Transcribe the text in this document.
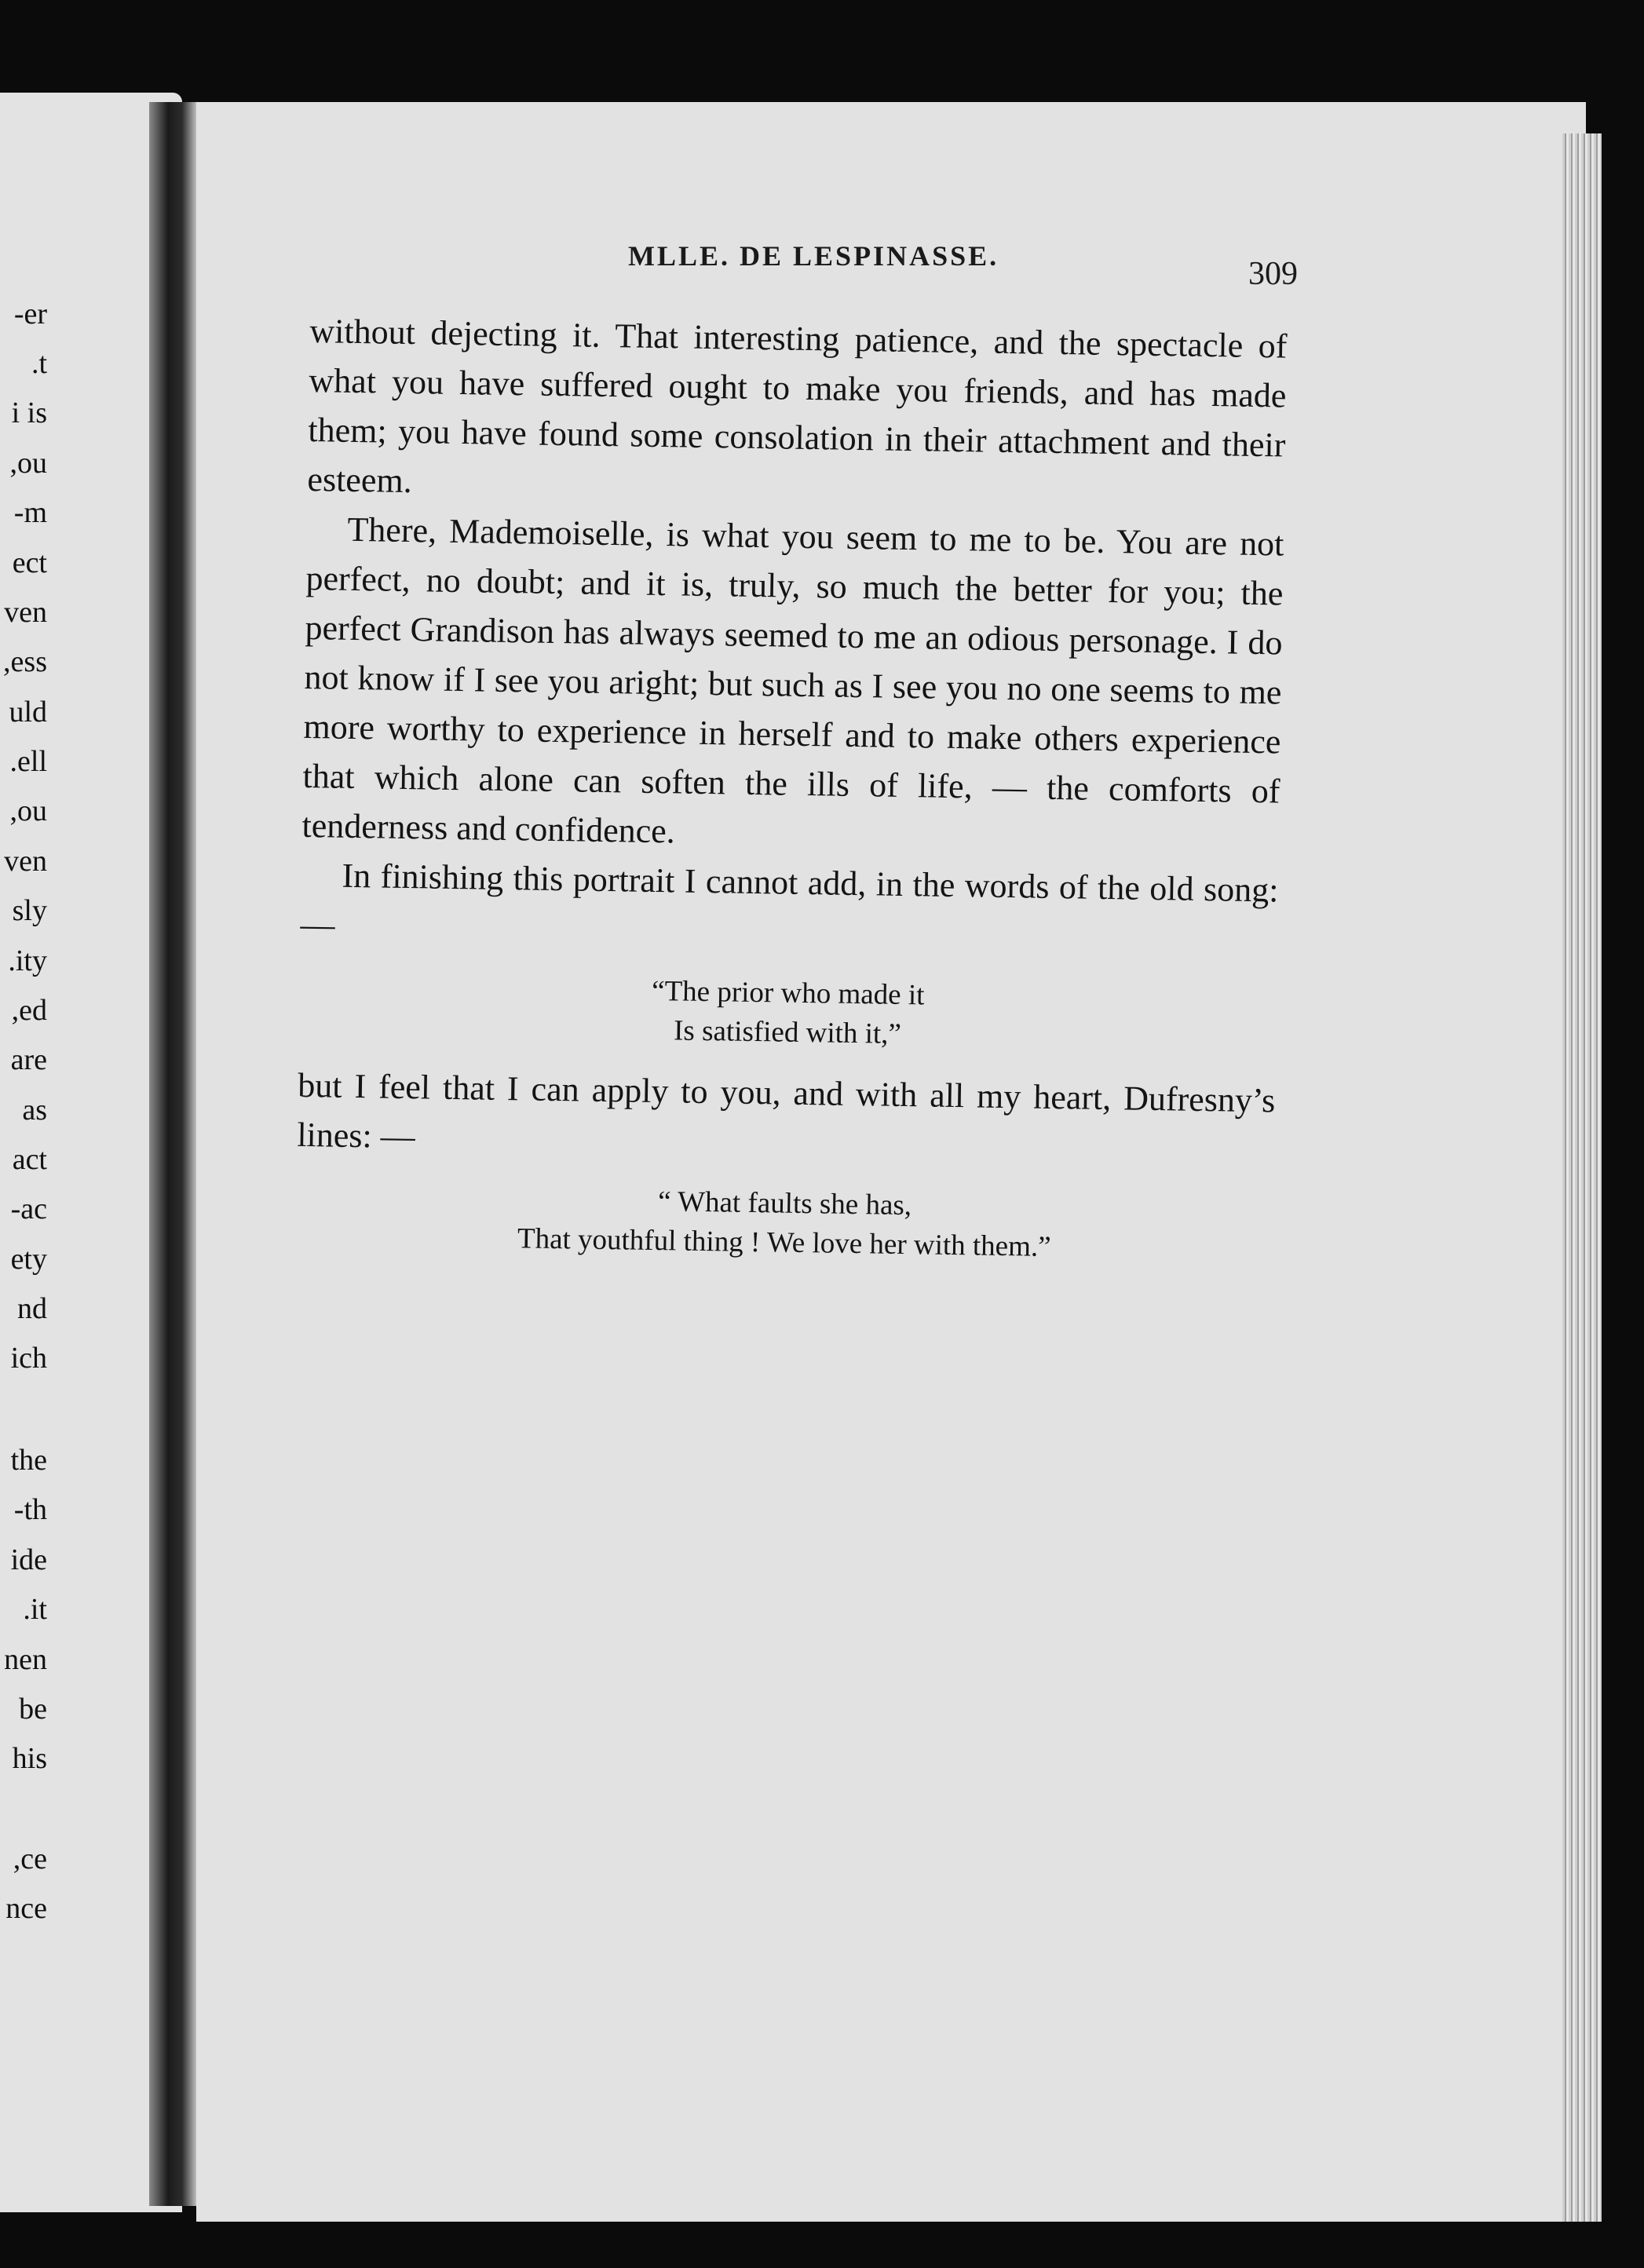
MLLE. DE LESPINASSE.	309

without dejecting it. That interesting patience, and the spectacle of what you have suffered ought to make you friends, and has made them; you have found some consolation in their attachment and their esteem.

There, Mademoiselle, is what you seem to me to be. You are not perfect, no doubt; and it is, truly, so much the better for you; the perfect Grandison has always seemed to me an odious personage. I do not know if I see you aright; but such as I see you no one seems to me more worthy to experience in herself and to make others experience that which alone can soften the ills of life, — the comforts of tenderness and confidence.

In finishing this portrait I cannot add, in the words of the old song: —

“The prior who made it
Is satisfied with it,”

but I feel that I can apply to you, and with all my heart, Dufresny’s lines: —

“ What faults she has,
That youthful thing ! We love her with them.”
er-
t.
i is
ou,
m-
ect
ven
ess,
uld
ell.
ou,
ven
sly
ity.
ed,
are
as
act
ac-
ety
nd
ich
the
th-
ide
it.
nen
be
his
ce,
nce
